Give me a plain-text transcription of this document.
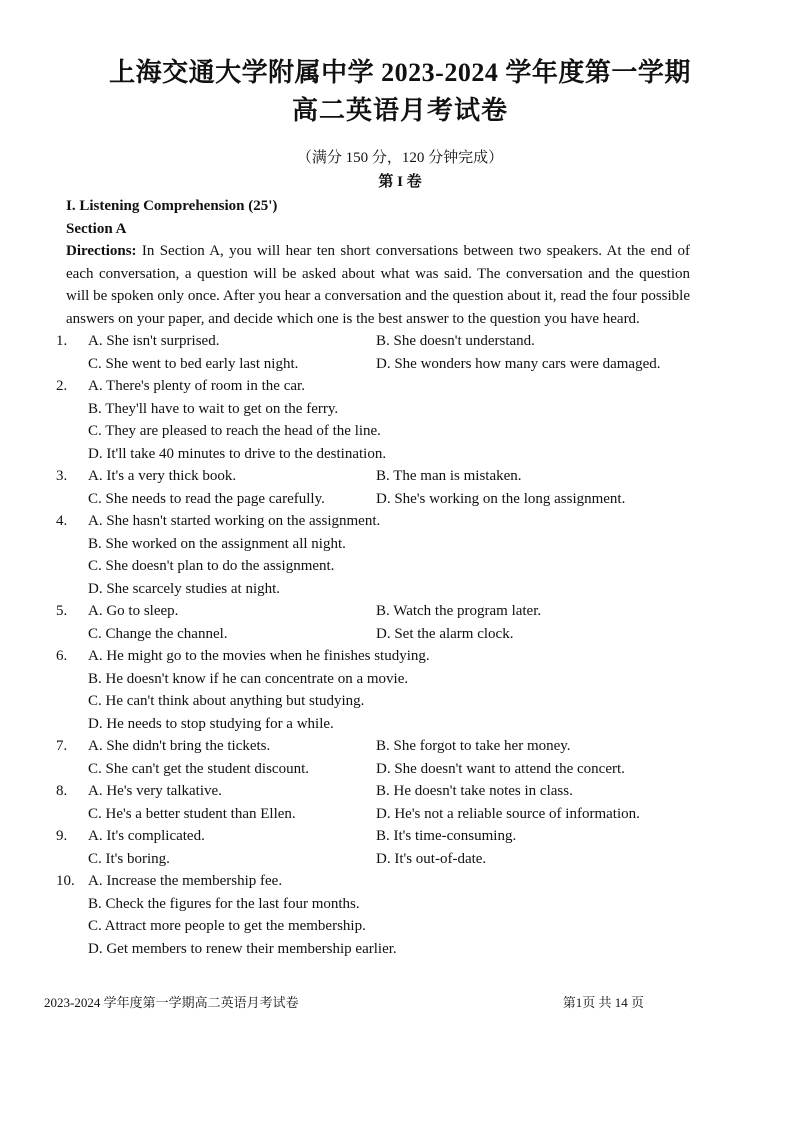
上海交通大学附属中学 2023-2024 学年度第一学期
高二英语月考试卷
（满分 150 分，120 分钟完成）
第 I 卷
I. Listening Comprehension (25')
Section A
Directions: In Section A, you will hear ten short conversations between two speakers. At the end of each conversation, a question will be asked about what was said. The conversation and the question will be spoken only once. After you hear a conversation and the question about it, read the four possible answers on your paper, and decide which one is the best answer to the question you have heard.
1.	A. She isn't surprised.	B. She doesn't understand.
C. She went to bed early last night.	D. She wonders how many cars were damaged.
2.	A. There's plenty of room in the car.
B. They'll have to wait to get on the ferry.
C. They are pleased to reach the head of the line.
D. It'll take 40 minutes to drive to the destination.
3.	A. It's a very thick book.	B. The man is mistaken.
C. She needs to read the page carefully.	D. She's working on the long assignment.
4.	A. She hasn't started working on the assignment.
B. She worked on the assignment all night.
C. She doesn't plan to do the assignment.
D. She scarcely studies at night.
5.	A. Go to sleep.	B. Watch the program later.
C. Change the channel.	D. Set the alarm clock.
6.	A. He might go to the movies when he finishes studying.
B. He doesn't know if he can concentrate on a movie.
C. He can't think about anything but studying.
D. He needs to stop studying for a while.
7.	A. She didn't bring the tickets.	B. She forgot to take her money.
C. She can't get the student discount.	D. She doesn't want to attend the concert.
8.	A. He's very talkative.	B. He doesn't take notes in class.
C. He's a better student than Ellen.	D. He's not a reliable source of information.
9.	A. It's complicated.	B. It's time-consuming.
C. It's boring.	D. It's out-of-date.
10. A. Increase the membership fee.
B. Check the figures for the last four months.
C. Attract more people to get the membership.
D. Get members to renew their membership earlier.
2023-2024 学年度第一学期高二英语月考试卷	第1页 共 14 页
